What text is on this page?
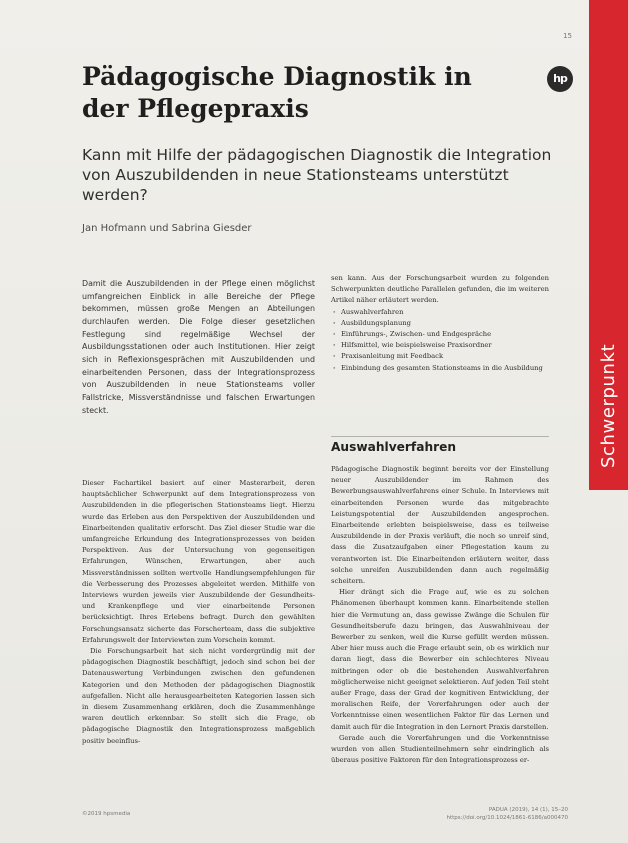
15
Schwerpunkt
hp
Pädagogische Diagnostik in der Pflegepraxis

Kann mit Hilfe der pädagogischen Diagnostik die Integration von Auszubildenden in neue Stationsteams unterstützt werden?

Jan Hofmann und Sabrina Giesder

Damit die Auszubildenden in der Pflege einen möglichst umfangreichen Einblick in alle Bereiche der Pflege bekommen, müssen große Mengen an Abteilungen durchlaufen werden. Die Folge dieser gesetzlichen Festlegung sind regelmäßige Wechsel der Ausbildungsstationen oder auch Institutionen. Hier zeigt sich in Reflexionsgesprächen mit Auszubildenden und einarbeitenden Personen, dass der Integrationsprozess von Auszubildenden in neue Stationsteams voller Fallstricke, Missverständnisse und falschen Erwartungen steckt.

Dieser Fachartikel basiert auf einer Masterarbeit, deren hauptsächlicher Schwerpunkt auf dem Integrationsprozess von Auszubildenden in die pflegerischen Stationsteams liegt. Hierzu wurde das Erleben aus den Perspektiven der Auszubildenden und Einarbeitenden qualitativ erforscht. Das Ziel dieser Studie war die umfangreiche Erkundung des Integrationsprozesses von beiden Perspektiven. Aus der Untersuchung von gegenseitigen Erfahrungen, Wünschen, Erwartungen, aber auch Missverständnissen sollten wertvolle Handlungsempfehlungen für die Verbesserung des Prozesses abgeleitet werden. Mithilfe von Interviews wurden jeweils vier Auszubildende der Gesundheits- und Krankenpflege und vier einarbeitende Personen berücksichtigt. Ihres Erlebens befragt. Durch den gewählten Forschungsansatz sicherte das Forscherteam, dass die subjektive Erfahrungswelt der Interviewten zum Vorschein kommt.

Die Forschungsarbeit hat sich nicht vordergründig mit der pädagogischen Diagnostik beschäftigt, jedoch sind schon bei der Datenauswertung Verbindungen zwischen den gefundenen Kategorien und den Methoden der pädagogischen Diagnostik aufgefallen. Nicht alle herausgearbeiteten Kategorien lassen sich in diesem Zusammenhang erklären, doch die Zusammenhänge waren deutlich erkennbar. So stellt sich die Frage, ob pädagogische Diagnostik den Integrationsprozess maßgeblich positiv beeinflus-

sen kann. Aus der Forschungsarbeit wurden zu folgenden Schwerpunkten deutliche Parallelen gefunden, die im weiteren Artikel näher erläutert werden.

· Auswahlverfahren
· Ausbildungsplanung
· Einführungs-, Zwischen- und Endgespräche
· Hilfsmittel, wie beispielsweise Praxisordner
· Praxisanleitung mit Feedback
· Einbindung des gesamten Stationsteams in die Ausbildung
Auswahlverfahren

Pädagogische Diagnostik beginnt bereits vor der Einstellung neuer Auszubildender im Rahmen des Bewerbungsauswahlverfahrens einer Schule. In Interviews mit einarbeitenden Personen wurde das mitgebrachte Leistungspotential der Auszubildenden angesprochen. Einarbeitende erlebten beispielsweise, dass es teilweise Auszubildende in der Praxis verläuft, die noch so unreif sind, dass die Zusatzaufgaben einer Pflegestation kaum zu verantworten ist. Die Einarbeitenden erläutern weiter, dass solche unreifen Auszubildenden dann auch regelmäßig scheitern.

Hier drängt sich die Frage auf, wie es zu solchen Phänomenen überhaupt kommen kann. Einarbeitende stellen hier die Vermutung an, dass gewisse Zwänge die Schulen für Gesundheitsberufe dazu bringen, das Auswahlniveau der Bewerber zu senken, weil die Kurse gefüllt werden müssen. Aber hier muss auch die Frage erlaubt sein, ob es wirklich nur daran liegt, dass die Bewerber ein schlechteres Niveau mitbringen oder ob die bestehenden Auswahlverfahren möglicherweise nicht geeignet selektieren. Auf jeden Teil steht außer Frage, dass der Grad der kognitiven Entwicklung, der moralischen Reife, der Vorerfahrungen oder auch der Vorkenntnisse einen wesentlichen Faktor für das Lernen und damit auch für die Integration in den Lernort Praxis darstellen.

Gerade auch die Vorerfahrungen und die Vorkenntnisse wurden von allen Studienteilnehmern sehr eindringlich als überaus positive Faktoren für den Integrationsprozess er-

©2019 hpsmedia
PADUA (2019), 14 (1), 15–20
https://doi.org/10.1024/1861-6186/a000470
